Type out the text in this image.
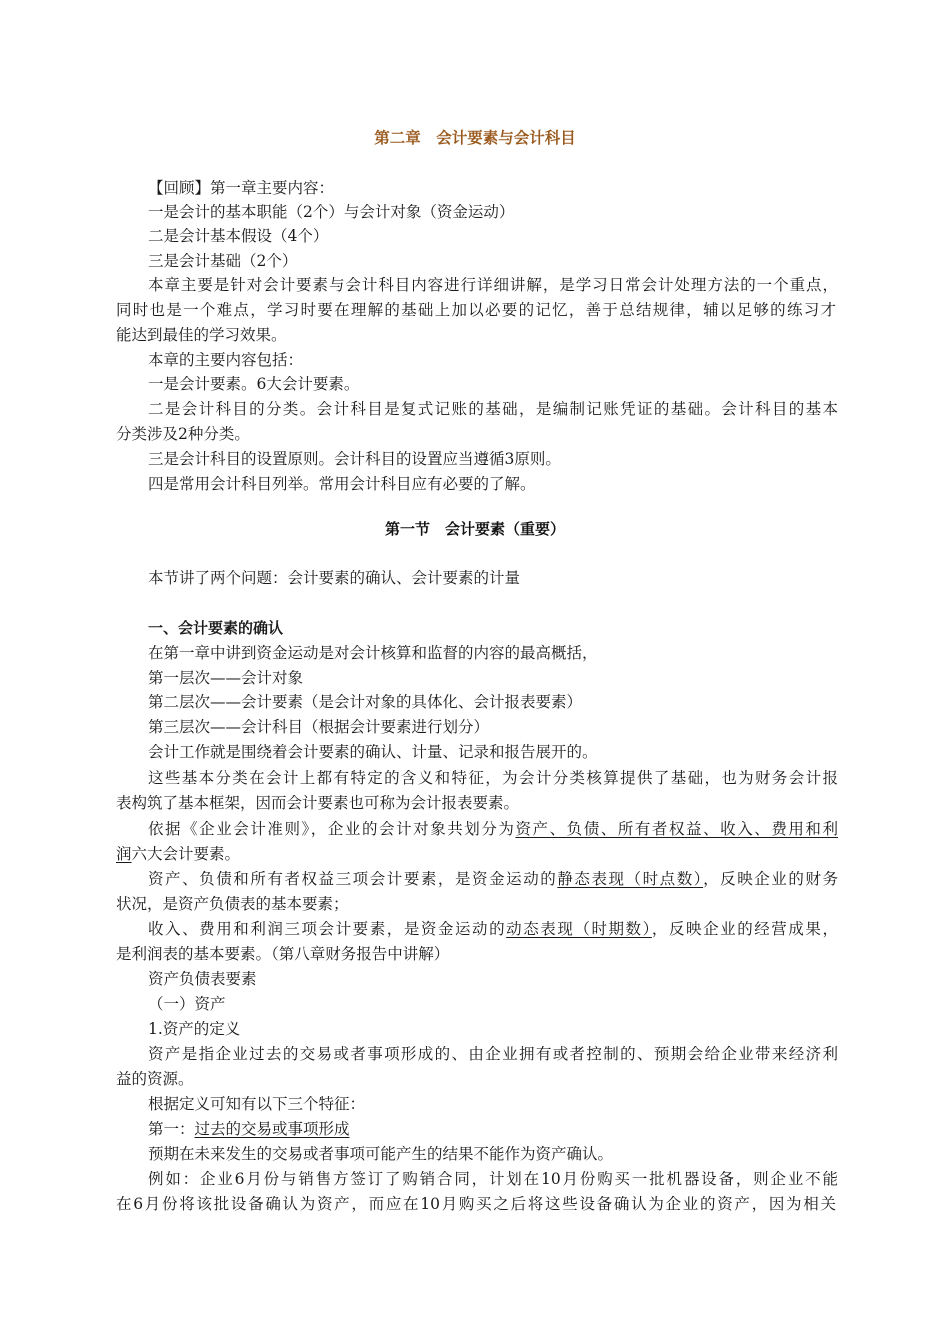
第二章　会计要素与会计科目
【回顾】第一章主要内容：
一是会计的基本职能（2个）与会计对象（资金运动）
二是会计基本假设（4个）
三是会计基础（2个）
本章主要是针对会计要素与会计科目内容进行详细讲解，是学习日常会计处理方法的一个重点，
同时也是一个难点，学习时要在理解的基础上加以必要的记忆，善于总结规律，辅以足够的练习才
能达到最佳的学习效果。
本章的主要内容包括：
一是会计要素。6大会计要素。
二是会计科目的分类。会计科目是复式记账的基础，是编制记账凭证的基础。会计科目的基本
分类涉及2种分类。
三是会计科目的设置原则。会计科目的设置应当遵循3原则。
四是常用会计科目列举。常用会计科目应有必要的了解。
第一节　会计要素（重要）
本节讲了两个问题：会计要素的确认、会计要素的计量
一、会计要素的确认
在第一章中讲到资金运动是对会计核算和监督的内容的最高概括，
第一层次——会计对象
第二层次——会计要素（是会计对象的具体化、会计报表要素）
第三层次——会计科目（根据会计要素进行划分）
会计工作就是围绕着会计要素的确认、计量、记录和报告展开的。
这些基本分类在会计上都有特定的含义和特征，为会计分类核算提供了基础，也为财务会计报
表构筑了基本框架，因而会计要素也可称为会计报表要素。
依据《企业会计准则》，企业的会计对象共划分为资产、负债、所有者权益、收入、费用和利
润六大会计要素。
资产、负债和所有者权益三项会计要素，是资金运动的静态表现（时点数），反映企业的财务
状况，是资产负债表的基本要素；
收入、费用和利润三项会计要素，是资金运动的动态表现（时期数），反映企业的经营成果，
是利润表的基本要素。（第八章财务报告中讲解）
资产负债表要素
（一）资产
1.资产的定义
资产是指企业过去的交易或者事项形成的、由企业拥有或者控制的、预期会给企业带来经济利
益的资源。
根据定义可知有以下三个特征：
第一：过去的交易或事项形成
预期在未来发生的交易或者事项可能产生的结果不能作为资产确认。
例如：企业6月份与销售方签订了购销合同，计划在10月份购买一批机器设备，则企业不能
在6月份将该批设备确认为资产，而应在10月购买之后将这些设备确认为企业的资产，因为相关
